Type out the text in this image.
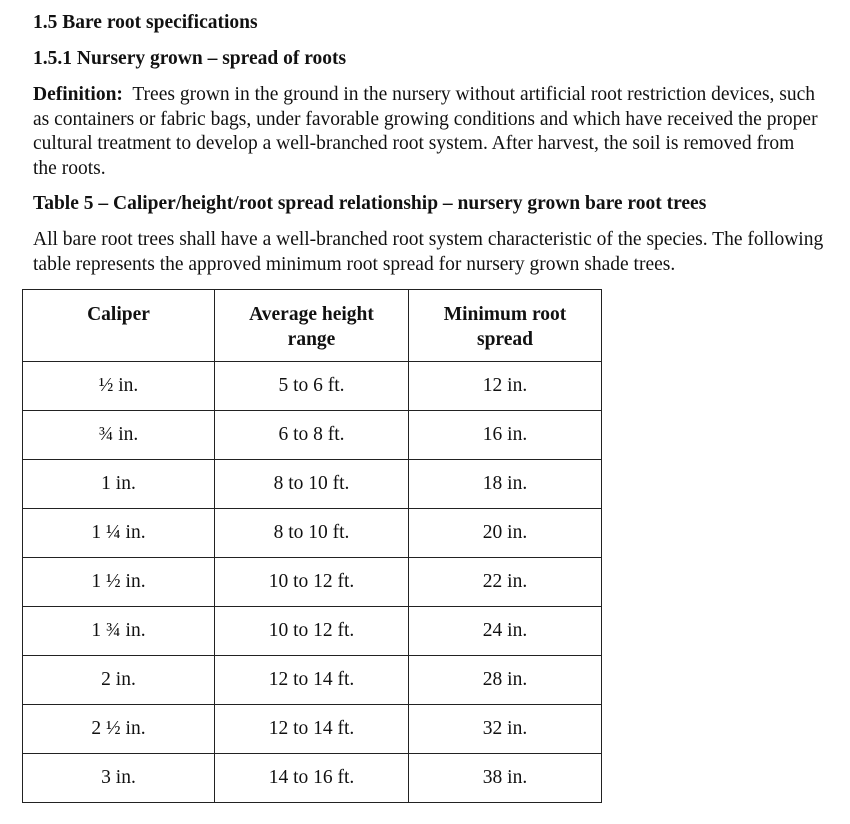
1.5 Bare root specifications

1.5.1 Nursery grown – spread of roots

Definition: Trees grown in the ground in the nursery without artificial root restriction devices, such as containers or fabric bags, under favorable growing conditions and which have received the proper cultural treatment to develop a well-branched root system. After harvest, the soil is removed from the roots.

Table 5 – Caliper/height/root spread relationship – nursery grown bare root trees

All bare root trees shall have a well-branched root system characteristic of the species. The following table represents the approved minimum root spread for nursery grown shade trees.

Caliper	Average height range	Minimum root spread

½ in.	5 to 6 ft.	12 in.
¾ in.	6 to 8 ft.	16 in.
1 in.	8 to 10 ft.	18 in.
1 ¼ in.	8 to 10 ft.	20 in.
1 ½ in.	10 to 12 ft.	22 in.
1 ¾ in.	10 to 12 ft.	24 in.
2 in.	12 to 14 ft.	28 in.
2 ½ in.	12 to 14 ft.	32 in.
3 in.	14 to 16 ft.	38 in.
